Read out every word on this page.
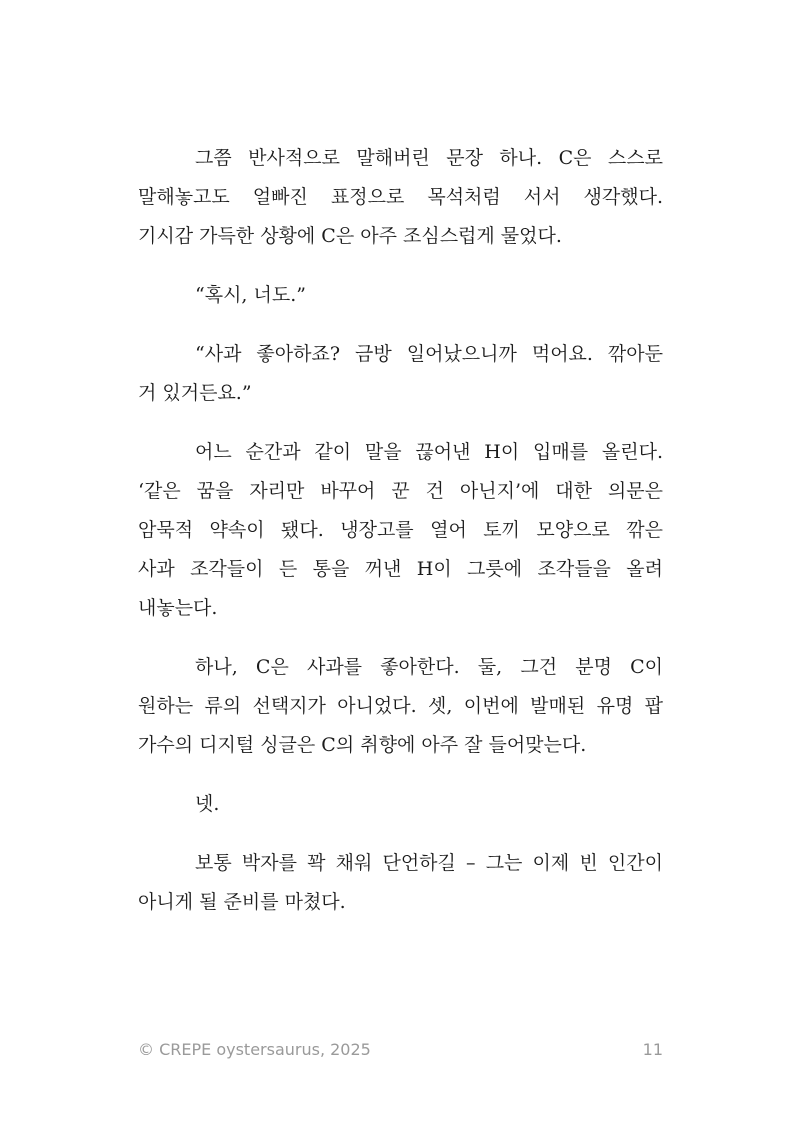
그쯤 반사적으로 말해버린 문장 하나. C은 스스로
말해놓고도 얼빠진 표정으로 목석처럼 서서 생각했다.
기시감 가득한 상황에 C은 아주 조심스럽게 물었다.

“혹시, 너도.”

“사과 좋아하죠? 금방 일어났으니까 먹어요. 깎아둔
거 있거든요.”

어느 순간과 같이 말을 끊어낸 H이 입매를 올린다.
‘같은 꿈을 자리만 바꾸어 꾼 건 아닌지’에 대한 의문은
암묵적 약속이 됐다. 냉장고를 열어 토끼 모양으로 깎은
사과 조각들이 든 통을 꺼낸 H이 그릇에 조각들을 올려
내놓는다.

하나, C은 사과를 좋아한다. 둘, 그건 분명 C이
원하는 류의 선택지가 아니었다. 셋, 이번에 발매된 유명 팝
가수의 디지털 싱글은 C의 취향에 아주 잘 들어맞는다.

넷.

보통 박자를 꽉 채워 단언하길 – 그는 이제 빈 인간이
아니게 될 준비를 마쳤다.

© CREPE oystersaurus, 2025	11
